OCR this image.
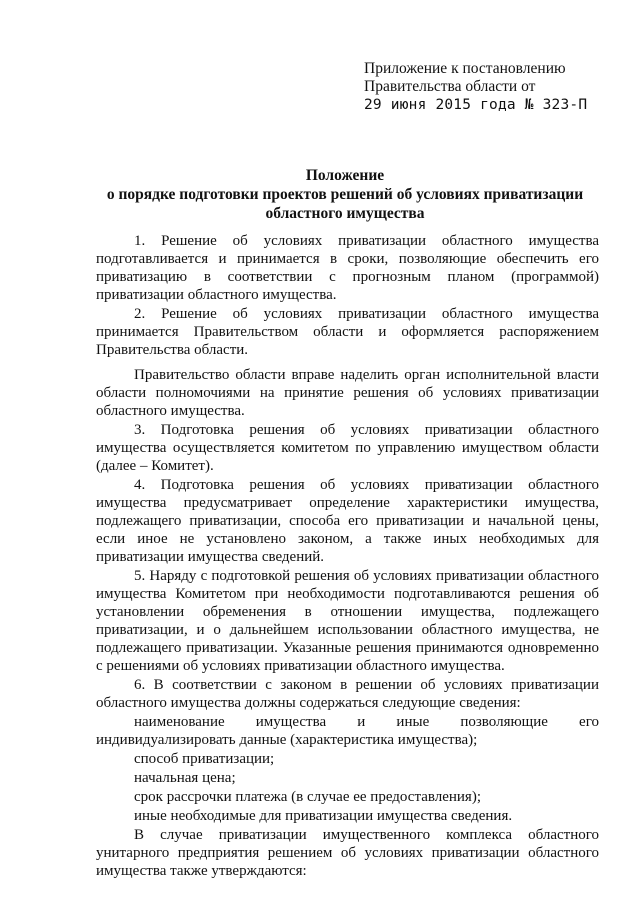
Приложение к постановлению
Правительства области от
29 июня 2015 года № 323-П
Положение
о порядке подготовки проектов решений об условиях приватизации
областного имущества

1. Решение об условиях приватизации областного имущества подготавливается и принимается в сроки, позволяющие обеспечить его приватизацию в соответствии с прогнозным планом (программой) приватизации областного имущества.

2. Решение об условиях приватизации областного имущества принимается Правительством области и оформляется распоряжением Правительства области.

Правительство области вправе наделить орган исполнительной власти области полномочиями на принятие решения об условиях приватизации областного имущества.

3. Подготовка решения об условиях приватизации областного имущества осуществляется комитетом по управлению имуществом области (далее – Комитет).

4. Подготовка решения об условиях приватизации областного имущества предусматривает определение характеристики имущества, подлежащего приватизации, способа его приватизации и начальной цены, если иное не установлено законом, а также иных необходимых для приватизации имущества сведений.

5. Наряду с подготовкой решения об условиях приватизации областного имущества Комитетом при необходимости подготавливаются решения об установлении обременения в отношении имущества, подлежащего приватизации, и о дальнейшем использовании областного имущества, не подлежащего приватизации. Указанные решения принимаются одновременно с решениями об условиях приватизации областного имущества.

6. В соответствии с законом в решении об условиях приватизации областного имущества должны содержаться следующие сведения:

наименование имущества и иные позволяющие его индивидуализировать данные (характеристика имущества);

способ приватизации;

начальная цена;

срок рассрочки платежа (в случае ее предоставления);

иные необходимые для приватизации имущества сведения.

В случае приватизации имущественного комплекса областного унитарного предприятия решением об условиях приватизации областного имущества также утверждаются:
